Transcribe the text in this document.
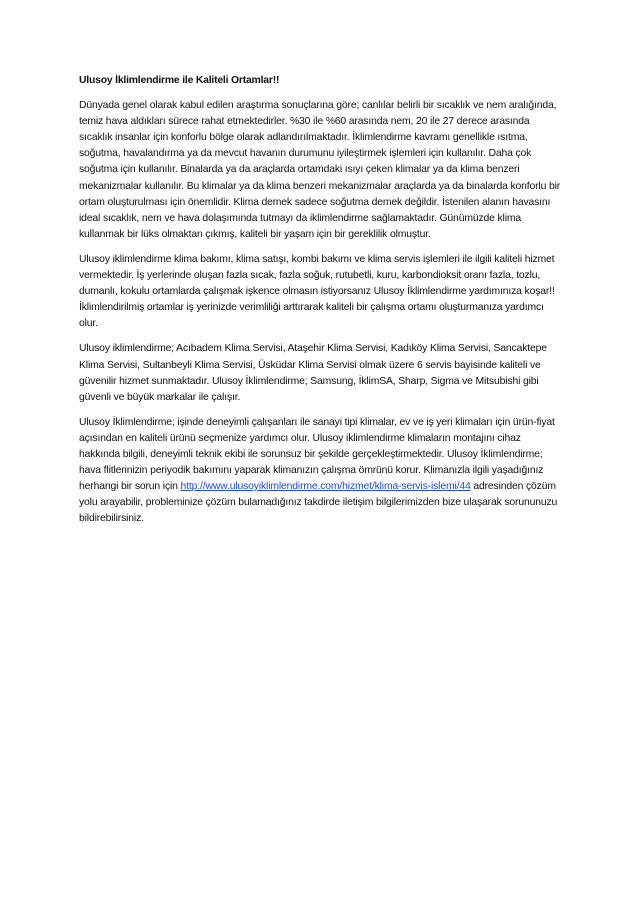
Ulusoy İklimlendirme ile Kaliteli Ortamlar!!

Dünyada genel olarak kabul edilen araştırma sonuçlarına göre; canlılar belirli bir sıcaklık ve nem aralığında, temiz hava aldıkları sürece rahat etmektedirler. %30 ile %60 arasında nem, 20 ile 27 derece arasında sıcaklık insanlar için konforlu bölge olarak adlandırılmaktadır. İklimlendirme kavramı genellikle ısıtma, soğutma, havalandırma ya da mevcut havanın durumunu iyileştirmek işlemleri için kullanılır. Daha çok soğutma için kullanılır. Binalarda ya da araçlarda ortamdaki ısıyı çeken klimalar ya da klima benzeri mekanizmalar kullanılır. Bu klimalar ya da klima benzeri mekanizmalar araçlarda ya da binalarda konforlu bir ortam oluşturulması için önemlidir. Klima demek sadece soğutma demek değildir. İstenilen alanın havasını ideal sıcaklık, nem ve hava dolaşımında tutmayı da iklimlendirme sağlamaktadır. Günümüzde klima kullanmak bir lüks olmaktan çıkmış, kaliteli bir yaşam için bir gereklilik olmuştur.

Ulusoy iklimlendirme klima bakımı, klima satışı, kombi bakımı ve klima servis işlemleri ile ilgili kaliteli hizmet vermektedir. İş yerlerinde oluşan fazla sıcak, fazla soğuk, rutubetli, kuru, karbondioksit oranı fazla, tozlu, dumanlı, kokulu ortamlarda çalışmak işkence olmasın istiyorsanız Ulusoy İklimlendirme yardımınıza koşar!! İklimlendirilmiş ortamlar iş yerinizde verimliliği arttırarak kaliteli bir çalışma ortamı oluşturmanıza yardımcı olur.

Ulusoy iklimlendirme; Acıbadem Klima Servisi, Ataşehir Klima Servisi, Kadıköy Klima Servisi, Sancaktepe Klima Servisi, Sultanbeyli Klima Servisi, Üsküdar Klima Servisi olmak üzere 6 servis bayisinde kaliteli ve güvenilir hizmet sunmaktadır. Ulusoy İklimlendirme; Samsung, İklimSA, Sharp, Sigma ve Mitsubishi gibi güvenli ve büyük markalar ile çalışır.

Ulusoy İklimlendirme; işinde deneyimli çalışanları ile sanayi tipi klimalar, ev ve iş yeri klimaları için ürün-fiyat açısından en kaliteli ürünü seçmenize yardımcı olur. Ulusoy iklimlendirme klimaların montajını cihaz hakkında bilgili, deneyimli teknik ekibi ile sorunsuz bir şekilde gerçekleştirmektedir. Ulusoy İklimlendirme; hava flitlerinizin periyodik bakımını yaparak klimanızın çalışma ömrünü korur. Klimanızla ilgili yaşadığınız herhangi bir sorun için http://www.ulusoyiklimlendirme.com/hizmet/klima-servis-islemi/44 adresinden çözüm yolu arayabilir, probleminize çözüm bulamadığınız takdirde iletişim bilgilerimizden bize ulaşarak sorununuzu bildirebilirsiniz.
